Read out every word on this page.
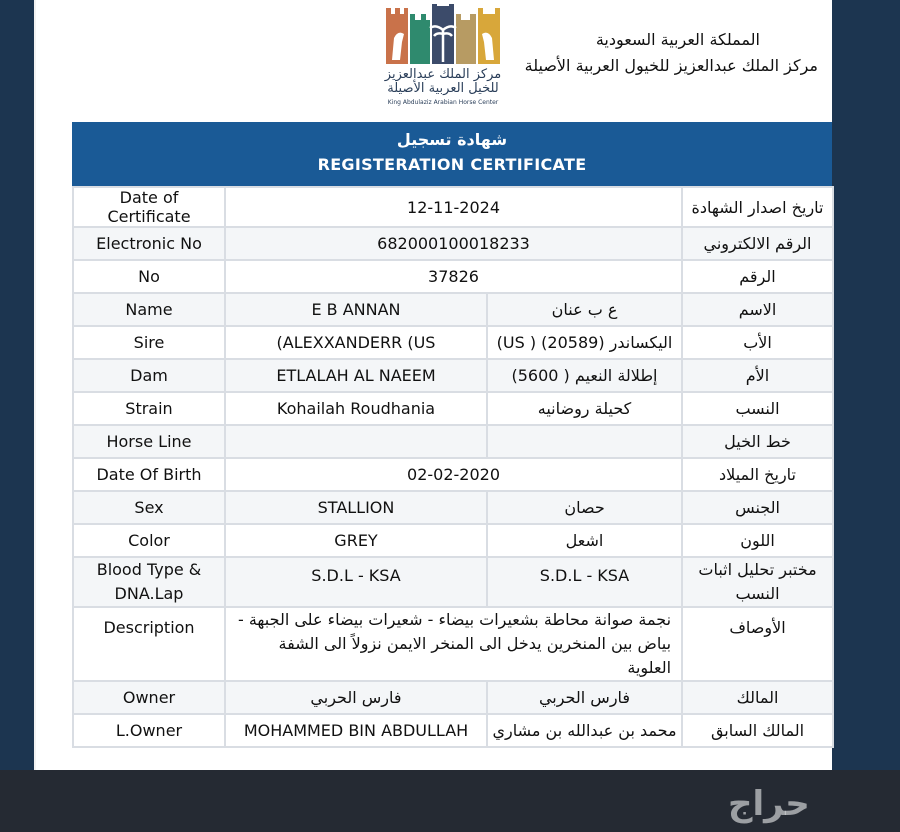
مركز الملك عبدالعزيز
للخيل العربية الأصيلة
King Abdulaziz Arabian Horse Center
المملكة العربية السعودية
مركز الملك عبدالعزيز للخيول العربية الأصيلة
شهادة تسجيل
REGISTERATION CERTIFICATE
Date of Certificate	12-11-2024		تاريخ اصدار الشهادة
Electronic No	682000100018233		الرقم الالكتروني
No	37826		الرقم
Name	E B ANNAN	ع ب عنان	الاسم
Sire	(ALEXXANDERR (US	اليكساندر (20589) ( US)	الأب
Dam	ETLALAH AL NAEEM	إطلالة النعيم ( 5600)	الأم
Strain	Kohailah Roudhania	كحيلة روضانيه	النسب
Horse Line			خط الخيل
Date Of Birth	02-02-2020		تاريخ الميلاد
Sex	STALLION	حصان	الجنس
Color	GREY	اشعل	اللون
Blood Type & DNA.Lap	S.D.L - KSA	S.D.L - KSA	مختبر تحليل اثبات النسب
Description	نجمة صوانة محاطة بشعيرات بيضاء - شعيرات بيضاء على الجبهة - بياض بين المنخرين يدخل الى المنخر الايمن نزولاً الى الشفة العلوية		الأوصاف
Owner	فارس الحربي	فارس الحربي	المالك
L.Owner	MOHAMMED BIN ABDULLAH	محمد بن عبدالله بن مشاري	المالك السابق
حراج
